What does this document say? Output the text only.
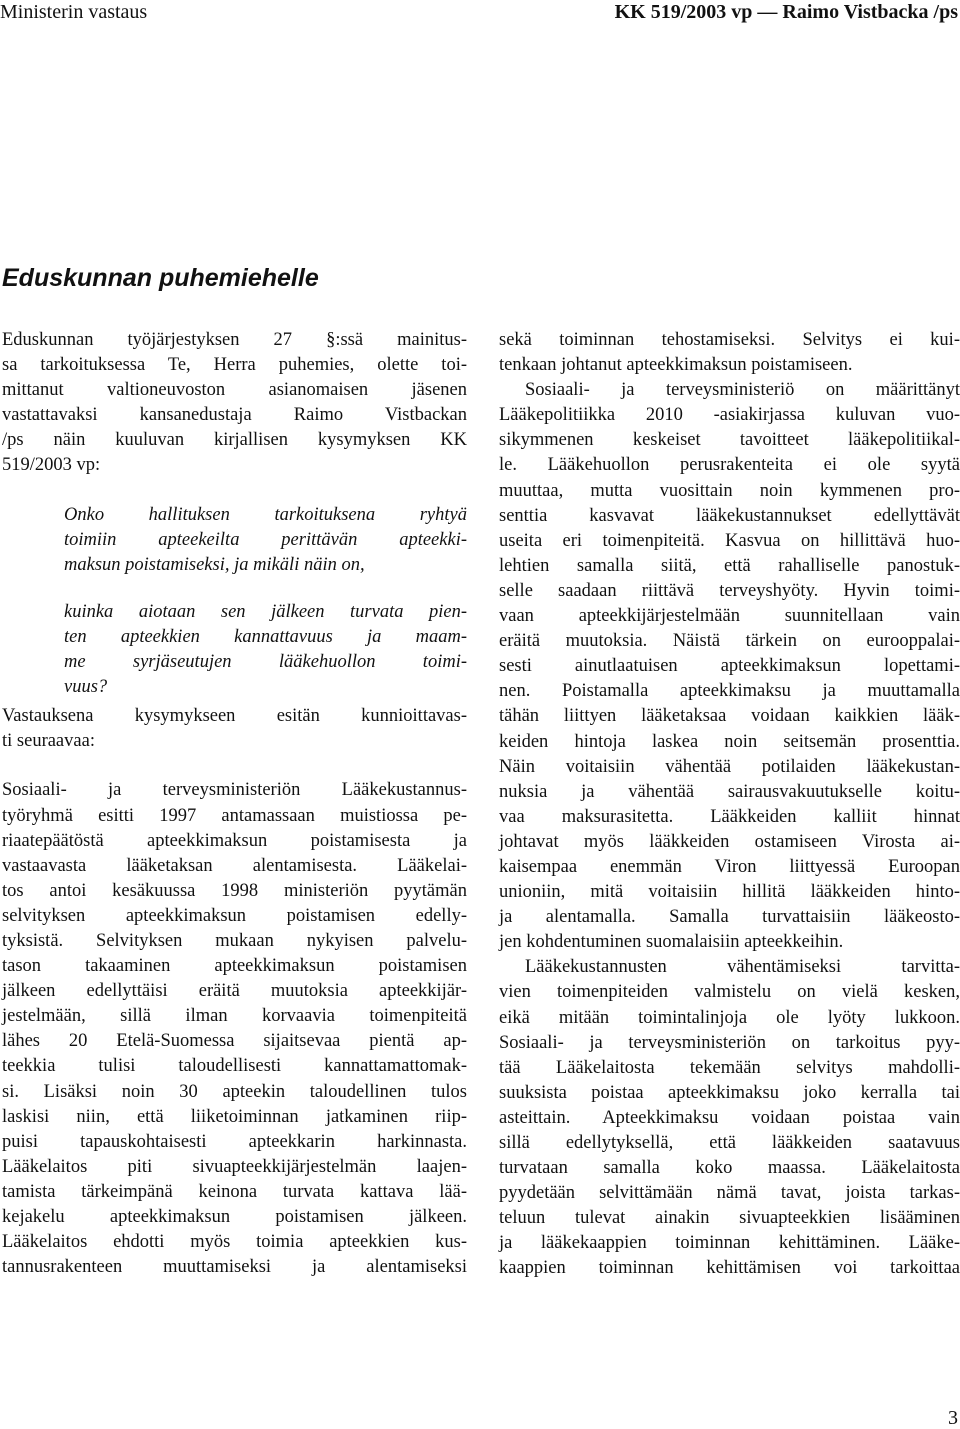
Ministerin vastaus	KK 519/2003 vp — Raimo Vistbacka /ps
Eduskunnan puhemiehelle
Eduskunnan työjärjestyksen 27 §:ssä mainitus-
sa tarkoituksessa Te, Herra puhemies, olette toi-
mittanut valtioneuvoston asianomaisen jäsenen
vastattavaksi kansanedustaja Raimo Vistbackan
/ps näin kuuluvan kirjallisen kysymyksen KK
519/2003 vp:
Onko hallituksen tarkoituksena ryhtyä
toimiin apteekeilta perittävän apteekki-
maksun poistamiseksi, ja mikäli näin on,
kuinka aiotaan sen jälkeen turvata pien-
ten apteekkien kannattavuus ja maam-
me syrjäseutujen lääkehuollon toimi-
vuus?
Vastauksena kysymykseen esitän kunnioittavas-
ti seuraavaa:
Sosiaali- ja terveysministeriön Lääkekustannus-
työryhmä esitti 1997 antamassaan muistiossa pe-
riaatepäätöstä apteekkimaksun poistamisesta ja
vastaavasta lääketaksan alentamisesta. Lääkelai-
tos antoi kesäkuussa 1998 ministeriön pyytämän
selvityksen apteekkimaksun poistamisen edelly-
tyksistä. Selvityksen mukaan nykyisen palvelu-
tason takaaminen apteekkimaksun poistamisen
jälkeen edellyttäisi eräitä muutoksia apteekkijär-
jestelmään, sillä ilman korvaavia toimenpiteitä
lähes 20 Etelä-Suomessa sijaitsevaa pientä ap-
teekkia tulisi taloudellisesti kannattamattomak-
si. Lisäksi noin 30 apteekin taloudellinen tulos
laskisi niin, että liiketoiminnan jatkaminen riip-
puisi tapauskohtaisesti apteekkarin harkinnasta.
Lääkelaitos piti sivuapteekkijärjestelmän laajen-
tamista tärkeimpänä keinona turvata kattava lää-
kejakelu apteekkimaksun poistamisen jälkeen.
Lääkelaitos ehdotti myös toimia apteekkien kus-
tannusrakenteen muuttamiseksi ja alentamiseksi
sekä toiminnan tehostamiseksi. Selvitys ei kui-
tenkaan johtanut apteekkimaksun poistamiseen.
Sosiaali- ja terveysministeriö on määrittänyt
Lääkepolitiikka 2010 -asiakirjassa kuluvan vuo-
sikymmenen keskeiset tavoitteet lääkepolitiikal-
le. Lääkehuollon perusrakenteita ei ole syytä
muuttaa, mutta vuosittain noin kymmenen pro-
senttia kasvavat lääkekustannukset edellyttävät
useita eri toimenpiteitä. Kasvua on hillittävä huo-
lehtien samalla siitä, että rahalliselle panostuk-
selle saadaan riittävä terveyshyöty. Hyvin toimi-
vaan apteekkijärjestelmään suunnitellaan vain
eräitä muutoksia. Näistä tärkein on eurooppalai-
sesti ainutlaatuisen apteekkimaksun lopettami-
nen. Poistamalla apteekkimaksu ja muuttamalla
tähän liittyen lääketaksaa voidaan kaikkien lääk-
keiden hintoja laskea noin seitsemän prosenttia.
Näin voitaisiin vähentää potilaiden lääkekustan-
nuksia ja vähentää sairausvakuutukselle koitu-
vaa maksurasitetta. Lääkkeiden kalliit hinnat
johtavat myös lääkkeiden ostamiseen Virosta ai-
kaisempaa enemmän Viron liittyessä Euroopan
unioniin, mitä voitaisiin hillitä lääkkeiden hinto-
ja alentamalla. Samalla turvattaisiin lääkeosto-
jen kohdentuminen suomalaisiin apteekkeihin.
Lääkekustannusten vähentämiseksi tarvitta-
vien toimenpiteiden valmistelu on vielä kesken,
eikä mitään toimintalinjoja ole lyöty lukkoon.
Sosiaali- ja terveysministeriön on tarkoitus pyy-
tää Lääkelaitosta tekemään selvitys mahdolli-
suuksista poistaa apteekkimaksu joko kerralla tai
asteittain. Apteekkimaksu voidaan poistaa vain
sillä edellytyksellä, että lääkkeiden saatavuus
turvataan samalla koko maassa. Lääkelaitosta
pyydetään selvittämään nämä tavat, joista tarkas-
teluun tulevat ainakin sivuapteekkien lisääminen
ja lääkekaappien toiminnan kehittäminen. Lääke-
kaappien toiminnan kehittämisen voi tarkoittaa
3
